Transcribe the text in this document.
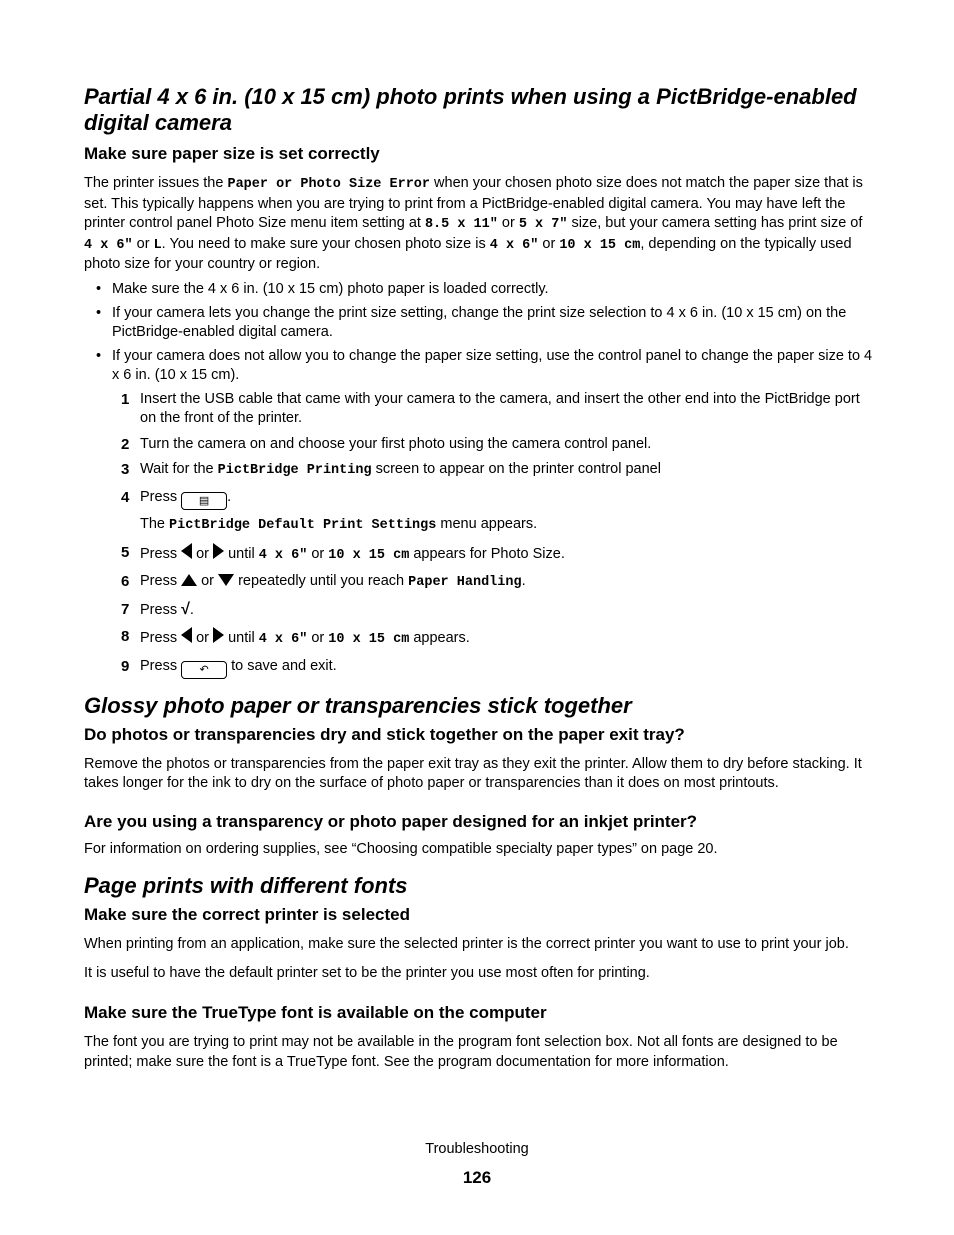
Partial 4 x 6 in. (10 x 15 cm) photo prints when using a PictBridge-enabled digital camera
Make sure paper size is set correctly

The printer issues the Paper or Photo Size Error when your chosen photo size does not match the paper size that is set. This typically happens when you are trying to print from a PictBridge-enabled digital camera. You may have left the printer control panel Photo Size menu item setting at 8.5 x 11″ or 5 x 7″ size, but your camera setting has print size of 4 x 6″ or L. You need to make sure your chosen photo size is 4 x 6″ or 10 x 15 cm, depending on the typically used photo size for your country or region.

• Make sure the 4 x 6 in. (10 x 15 cm) photo paper is loaded correctly.
• If your camera lets you change the print size setting, change the print size selection to 4 x 6 in. (10 x 15 cm) on the PictBridge-enabled digital camera.
• If your camera does not allow you to change the paper size setting, use the control panel to change the paper size to 4 x 6 in. (10 x 15 cm).
1 Insert the USB cable that came with your camera to the camera, and insert the other end into the PictBridge port on the front of the printer.
2 Turn the camera on and choose your first photo using the camera control panel.
3 Wait for the PictBridge Printing screen to appear on the printer control panel
4 Press ▤ .
The PictBridge Default Print Settings menu appears.
5 Press  or  until 4 x 6″ or 10 x 15 cm appears for Photo Size.
6 Press  or  repeatedly until you reach Paper Handling.
7 Press √.
8 Press  or  until 4 x 6″ or 10 x 15 cm appears.
9 Press ↶ to save and exit.
Glossy photo paper or transparencies stick together
Do photos or transparencies dry and stick together on the paper exit tray?

Remove the photos or transparencies from the paper exit tray as they exit the printer. Allow them to dry before stacking. It takes longer for the ink to dry on the surface of photo paper or transparencies than it does on most printouts.

Are you using a transparency or photo paper designed for an inkjet printer?

For information on ordering supplies, see “Choosing compatible specialty paper types” on page 20.

Page prints with different fonts
Make sure the correct printer is selected

When printing from an application, make sure the selected printer is the correct printer you want to use to print your job.

It is useful to have the default printer set to be the printer you use most often for printing.

Make sure the TrueType font is available on the computer

The font you are trying to print may not be available in the program font selection box. Not all fonts are designed to be printed; make sure the font is a TrueType font. See the program documentation for more information.

Troubleshooting
126
